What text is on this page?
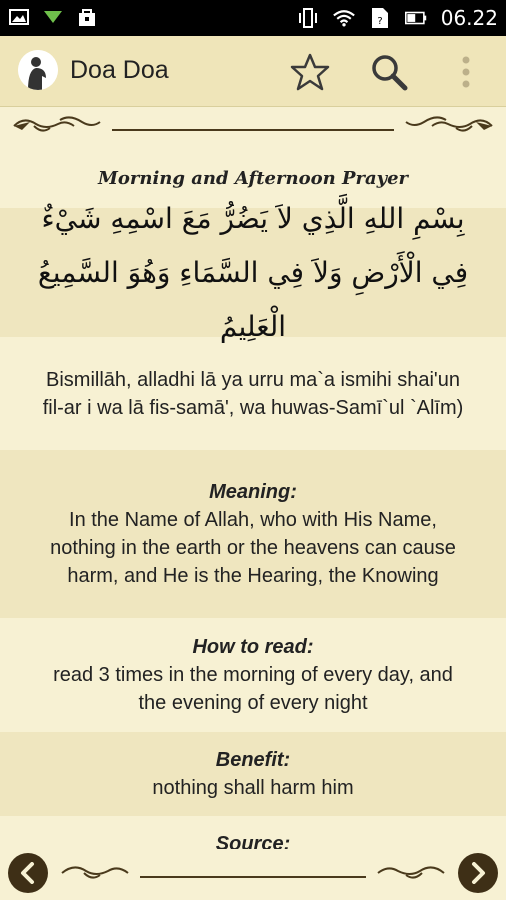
?	06.22
Doa Doa
Morning and Afternoon Prayer
بِسْمِ اللهِ الَّذِي لاَ يَضُرُّ مَعَ اسْمِهِ شَيْءٌ فِي الْأَرْضِ وَلاَ فِي السَّمَاءِ وَهُوَ السَّمِيعُ الْعَلِيمُ
Bismillāh, alladhi lā ya urru ma`a ismihi shai'un fil-ar i wa lā fis-samā', wa huwas-Samī`ul `Alīm)
Meaning:
In the Name of Allah, who with His Name, nothing in the earth or the heavens can cause harm, and He is the Hearing, the Knowing
How to read:
read 3 times in the morning of every day, and the evening of every night
Benefit:
nothing shall harm him
Source:
